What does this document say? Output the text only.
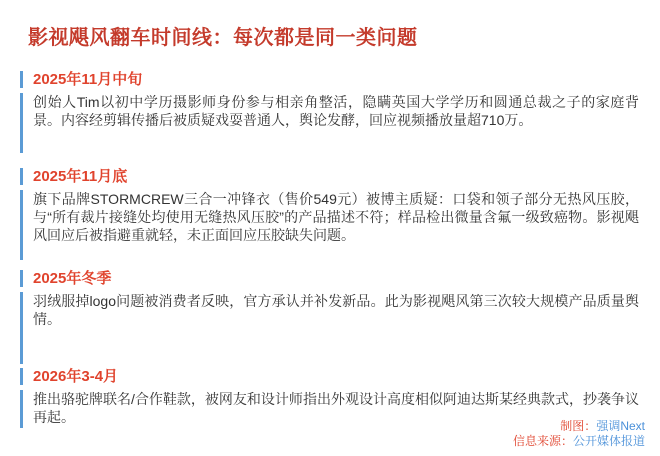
影视飓风翻车时间线：每次都是同一类问题
2025年11月中旬

创始人Tim以初中学历摄影师身份参与相亲角整活，隐瞒英国大学学历和圆通总裁之子的家庭背景。内容经剪辑传播后被质疑戏耍普通人，舆论发酵，回应视频播放量超710万。

2025年11月底

旗下品牌STORMCREW三合一冲锋衣（售价549元）被博主质疑：口袋和领子部分无热风压胶，与“所有裁片接缝处均使用无缝热风压胶”的产品描述不符；样品检出微量含氟一级致癌物。影视飓风回应后被指避重就轻，未正面回应压胶缺失问题。

2025年冬季

羽绒服掉logo问题被消费者反映，官方承认并补发新品。此为影视飓风第三次较大规模产品质量舆情。

2026年3-4月

推出骆驼牌联名/合作鞋款，被网友和设计师指出外观设计高度相似阿迪达斯某经典款式，抄袭争议再起。

制图：强调Next
信息来源：公开媒体报道
